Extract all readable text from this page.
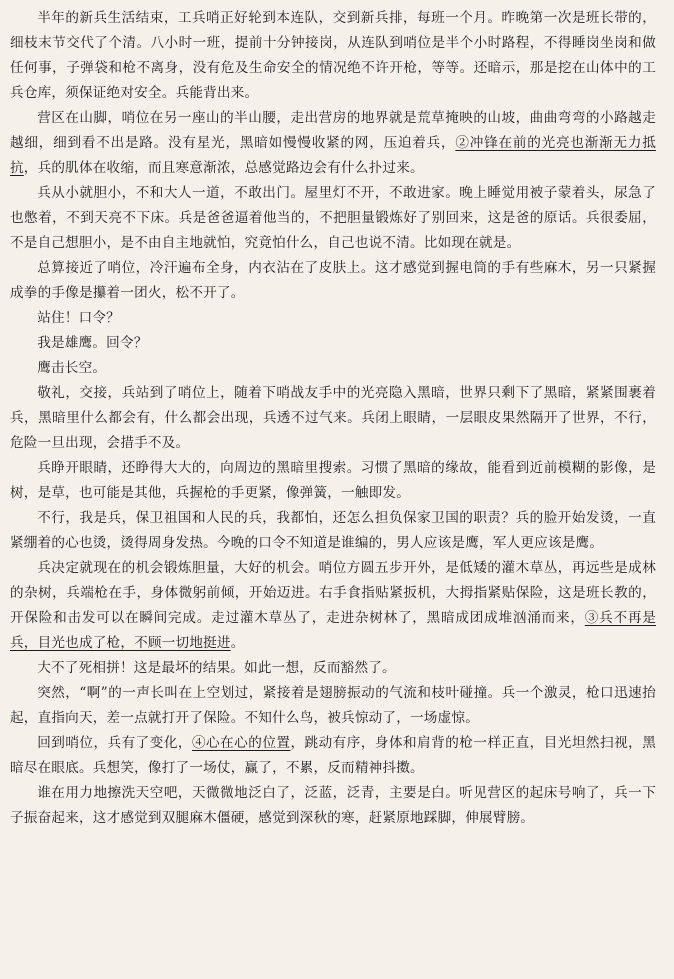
半年的新兵生活结束，工兵哨正好轮到本连队，交到新兵排，每班一个月。昨晚第一次是班长带的，细枝末节交代了个清。八小时一班，提前十分钟接岗，从连队到哨位是半个小时路程，不得睡岗坐岗和做任何事，子弹袋和枪不离身，没有危及生命安全的情况绝不许开枪，等等。还暗示，那是挖在山体中的工兵仓库，须保证绝对安全。兵能背出来。

营区在山脚，哨位在另一座山的半山腰，走出营房的地界就是荒草掩映的山坡，曲曲弯弯的小路越走越细，细到看不出是路。没有星光，黑暗如慢慢收紧的网，压迫着兵，②冲锋在前的光亮也渐渐无力抵抗，兵的肌体在收缩，而且寒意渐浓，总感觉路边会有什么扑过来。

兵从小就胆小，不和大人一道，不敢出门。屋里灯不开，不敢进家。晚上睡觉用被子蒙着头，尿急了也憋着，不到天亮不下床。兵是爸爸逼着他当的，不把胆量锻炼好了别回来，这是爸的原话。兵很委屈，不是自己想胆小，是不由自主地就怕，究竟怕什么，自己也说不清。比如现在就是。

总算接近了哨位，冷汗遍布全身，内衣沾在了皮肤上。这才感觉到握电筒的手有些麻木，另一只紧握成拳的手像是攥着一团火，松不开了。

站住！口令？

我是雄鹰。回令？

鹰击长空。

敬礼，交接，兵站到了哨位上，随着下哨战友手中的光亮隐入黑暗，世界只剩下了黑暗，紧紧围裹着兵，黑暗里什么都会有，什么都会出现，兵透不过气来。兵闭上眼睛，一层眼皮果然隔开了世界，不行，危险一旦出现，会措手不及。

兵睁开眼睛，还睁得大大的，向周边的黑暗里搜索。习惯了黑暗的缘故，能看到近前模糊的影像，是树，是草，也可能是其他，兵握枪的手更紧，像弹簧，一触即发。

不行，我是兵，保卫祖国和人民的兵，我都怕，还怎么担负保家卫国的职责？兵的脸开始发烫，一直紧绷着的心也烫，烫得周身发热。今晚的口令不知道是谁编的，男人应该是鹰，军人更应该是鹰。

兵决定就现在的机会锻炼胆量，大好的机会。哨位方圆五步开外，是低矮的灌木草丛，再远些是成林的杂树，兵端枪在手，身体微躬前倾，开始迈进。右手食指贴紧扳机，大拇指紧贴保险，这是班长教的，开保险和击发可以在瞬间完成。走过灌木草丛了，走进杂树林了，黑暗成团成堆汹涌而来，③兵不再是兵，目光也成了枪，不顾一切地挺进。

大不了死相拼！这是最坏的结果。如此一想，反而豁然了。

突然，“啊”的一声长叫在上空划过，紧接着是翅膀振动的气流和枝叶碰撞。兵一个激灵，枪口迅速抬起，直指向天，差一点就打开了保险。不知什么鸟，被兵惊动了，一场虚惊。

回到哨位，兵有了变化，④心在心的位置，跳动有序，身体和肩背的枪一样正直，目光坦然扫视，黑暗尽在眼底。兵想笑，像打了一场仗，赢了，不累，反而精神抖擞。

谁在用力地擦洗天空吧，天微微地泛白了，泛蓝，泛青，主要是白。听见营区的起床号响了，兵一下子振奋起来，这才感觉到双腿麻木僵硬，感觉到深秋的寒，赶紧原地踩脚，伸展臂膀。
